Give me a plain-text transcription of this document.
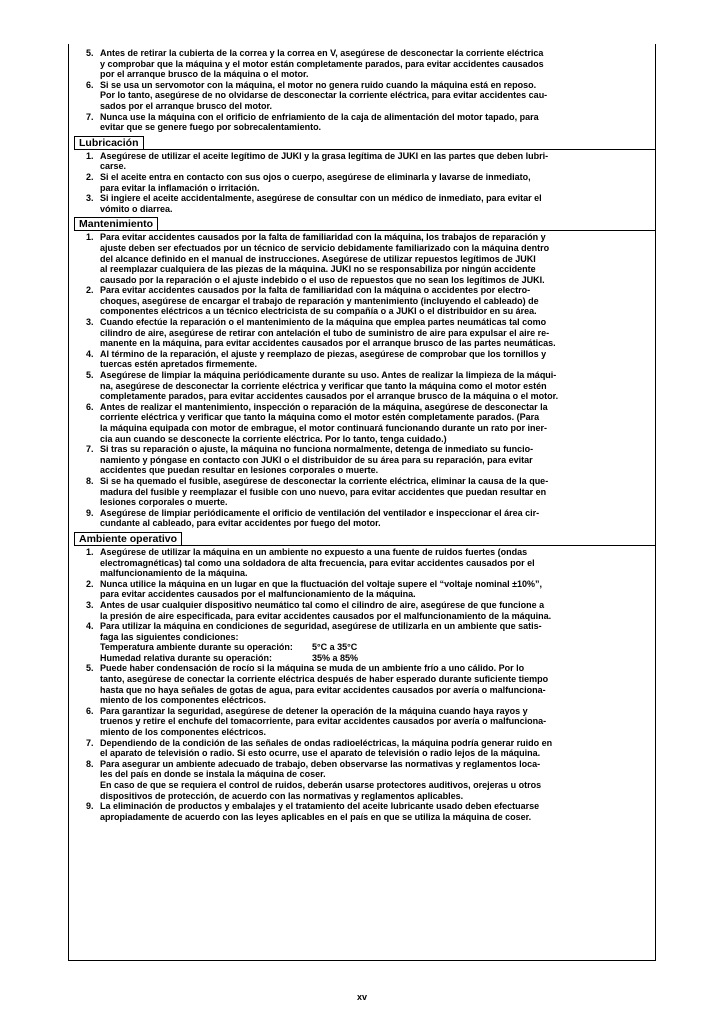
5. Antes de retirar la cubierta de la correa y la correa en V, asegúrese de desconectar la corriente eléctrica
y comprobar que la máquina y el motor están completamente parados, para evitar accidentes causados
por el arranque brusco de la máquina o el motor.
6. Si se usa un servomotor con la máquina, el motor no genera ruido cuando la máquina está en reposo.
Por lo tanto, asegúrese de no olvidarse de desconectar la corriente eléctrica, para evitar accidentes cau-
sados por el arranque brusco del motor.
7. Nunca use la máquina con el orificio de enfriamiento de la caja de alimentación del motor tapado, para
evitar que se genere fuego por sobrecalentamiento.
Lubricación
1. Asegúrese de utilizar el aceite legítimo de JUKI y la grasa legítima de JUKI en las partes que deben lubri-
carse.
2. Si el aceite entra en contacto con sus ojos o cuerpo, asegúrese de eliminarla y lavarse de inmediato,
para evitar la inflamación o irritación.
3. Si ingiere el aceite accidentalmente, asegúrese de consultar con un médico de inmediato, para evitar el
vómito o diarrea.
Mantenimiento
1. Para evitar accidentes causados por la falta de familiaridad con la máquina, los trabajos de reparación y
ajuste deben ser efectuados por un técnico de servicio debidamente familiarizado con la máquina dentro
del alcance definido en el manual de instrucciones. Asegúrese de utilizar repuestos legítimos de JUKI
al reemplazar cualquiera de las piezas de la máquina. JUKI no se responsabiliza por ningún accidente
causado por la reparación o el ajuste indebido o el uso de repuestos que no sean los legítimos de JUKI.
2. Para evitar accidentes causados por la falta de familiaridad con la máquina o accidentes por electro-
choques, asegúrese de encargar el trabajo de reparación y mantenimiento (incluyendo el cableado) de
componentes eléctricos a un técnico electricista de su compañía o a JUKI o el distribuidor en su área.
3. Cuando efectúe la reparación o el mantenimiento de la máquina que emplea partes neumáticas tal como
cilindro de aire, asegúrese de retirar con antelación el tubo de suministro de aire para expulsar el aire re-
manente en la máquina, para evitar accidentes causados por el arranque brusco de las partes neumáticas.
4. Al término de la reparación, el ajuste y reemplazo de piezas, asegúrese de comprobar que los tornillos y
tuercas estén apretados firmemente.
5. Asegúrese de limpiar la máquina periódicamente durante su uso. Antes de realizar la limpieza de la máqui-
na, asegúrese de desconectar la corriente eléctrica y verificar que tanto la máquina como el motor estén
completamente parados, para evitar accidentes causados por el arranque brusco de la máquina o el motor.
6. Antes de realizar el mantenimiento, inspección o reparación de la máquina, asegúrese de desconectar la
corriente eléctrica y verificar que tanto la máquina como el motor estén completamente parados. (Para
la máquina equipada con motor de embrague, el motor continuará funcionando durante un rato por iner-
cia aun cuando se desconecte la corriente eléctrica. Por lo tanto, tenga cuidado.)
7. Si tras su reparación o ajuste, la máquina no funciona normalmente, detenga de inmediato su funcio-
namiento y póngase en contacto con JUKI o el distribuidor de su área para su reparación, para evitar
accidentes que puedan resultar en lesiones corporales o muerte.
8. Si se ha quemado el fusible, asegúrese de desconectar la corriente eléctrica, eliminar la causa de la que-
madura del fusible y reemplazar el fusible con uno nuevo, para evitar accidentes que puedan resultar en
lesiones corporales o muerte.
9. Asegúrese de limpiar periódicamente el orificio de ventilación del ventilador e inspeccionar el área cir-
cundante al cableado, para evitar accidentes por fuego del motor.
Ambiente operativo
1. Asegúrese de utilizar la máquina en un ambiente no expuesto a una fuente de ruidos fuertes (ondas
electromagnéticas) tal como una soldadora de alta frecuencia, para evitar accidentes causados por el
malfuncionamiento de la máquina.
2. Nunca utilice la máquina en un lugar en que la fluctuación del voltaje supere el “voltaje nominal ±10%”,
para evitar accidentes causados por el malfuncionamiento de la máquina.
3. Antes de usar cualquier dispositivo neumático tal como el cilindro de aire, asegúrese de que funcione a
la presión de aire especificada, para evitar accidentes causados por el malfuncionamiento de la máquina.
4. Para utilizar la máquina en condiciones de seguridad, asegúrese de utilizarla en un ambiente que satis-
faga las siguientes condiciones:
Temperatura ambiente durante su operación:	5°C a 35°C
Humedad relativa durante su operación:	35% a 85%
5. Puede haber condensación de rocío si la máquina se muda de un ambiente frío a uno cálido. Por lo
tanto, asegúrese de conectar la corriente eléctrica después de haber esperado durante suficiente tiempo
hasta que no haya señales de gotas de agua, para evitar accidentes causados por avería o malfunciona-
miento de los componentes eléctricos.
6. Para garantizar la seguridad, asegúrese de detener la operación de la máquina cuando haya rayos y
truenos y retire el enchufe del tomacorriente, para evitar accidentes causados por avería o malfunciona-
miento de los componentes eléctricos.
7. Dependiendo de la condición de las señales de ondas radioeléctricas, la máquina podría generar ruido en
el aparato de televisión o radio. Si esto ocurre, use el aparato de televisión o radio lejos de la máquina.
8. Para asegurar un ambiente adecuado de trabajo, deben observarse las normativas y reglamentos loca-
les del país en donde se instala la máquina de coser.
En caso de que se requiera el control de ruidos, deberán usarse protectores auditivos, orejeras u otros
dispositivos de protección, de acuerdo con las normativas y reglamentos aplicables.
9. La eliminación de productos y embalajes y el tratamiento del aceite lubricante usado deben efectuarse
apropiadamente de acuerdo con las leyes aplicables en el país en que se utiliza la máquina de coser.
xv
